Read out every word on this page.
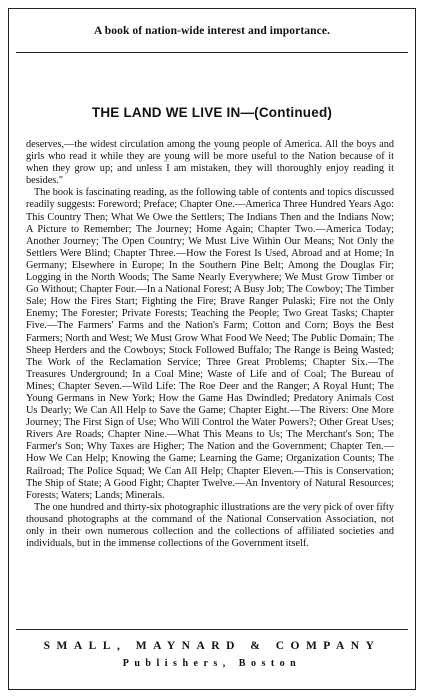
A book of nation-wide interest and importance.
THE LAND WE LIVE IN—(Continued)

deserves,—the widest circulation among the young people of America. All the boys and girls who read it while they are young will be more useful to the Nation because of it when they grow up; and unless I am mistaken, they will thoroughly enjoy reading it besides."

The book is fascinating reading, as the following table of contents and topics discussed readily suggests: Foreword; Preface; Chapter One.—America Three Hundred Years Ago: This Country Then; What We Owe the Settlers; The Indians Then and the Indians Now; A Picture to Remember; The Journey; Home Again; Chapter Two.—America Today; Another Journey; The Open Country; We Must Live Within Our Means; Not Only the Settlers Were Blind; Chapter Three.—How the Forest Is Used, Abroad and at Home; In Germany; Elsewhere in Europe; In the Southern Pine Belt; Among the Douglas Fir; Logging in the North Woods; The Same Nearly Everywhere; We Must Grow Timber or Go Without; Chapter Four.—In a National Forest; A Busy Job; The Cowboy; The Timber Sale; How the Fires Start; Fighting the Fire; Brave Ranger Pulaski; Fire not the Only Enemy; The Forester; Private Forests; Teaching the People; Two Great Tasks; Chapter Five.—The Farmers' Farms and the Nation's Farm; Cotton and Corn; Boys the Best Farmers; North and West; We Must Grow What Food We Need; The Public Domain; The Sheep Herders and the Cowboys; Stock Followed Buffalo; The Range is Being Wasted; The Work of the Reclamation Service; Three Great Problems; Chapter Six.—The Treasures Underground; In a Coal Mine; Waste of Life and of Coal; The Bureau of Mines; Chapter Seven.—Wild Life: The Roe Deer and the Ranger; A Royal Hunt; The Young Germans in New York; How the Game Has Dwindled; Predatory Animals Cost Us Dearly; We Can All Help to Save the Game; Chapter Eight.—The Rivers: One More Journey; The First Sign of Use; Who Will Control the Water Powers?; Other Great Uses; Rivers Are Roads; Chapter Nine.—What This Means to Us; The Merchant's Son; The Farmer's Son; Why Taxes are Higher; The Nation and the Government; Chapter Ten.—How We Can Help; Knowing the Game; Learning the Game; Organization Counts; The Railroad; The Police Squad; We Can All Help; Chapter Eleven.—This is Conservation; The Ship of State; A Good Fight; Chapter Twelve.—An Inventory of Natural Resources; Forests; Waters; Lands; Minerals.

The one hundred and thirty-six photographic illustrations are the very pick of over fifty thousand photographs at the command of the National Conservation Association, not only in their own numerous collection and the collections of affiliated societies and individuals, but in the immense collections of the Government itself.

SMALL, MAYNARD & COMPANY
Publishers, Boston
